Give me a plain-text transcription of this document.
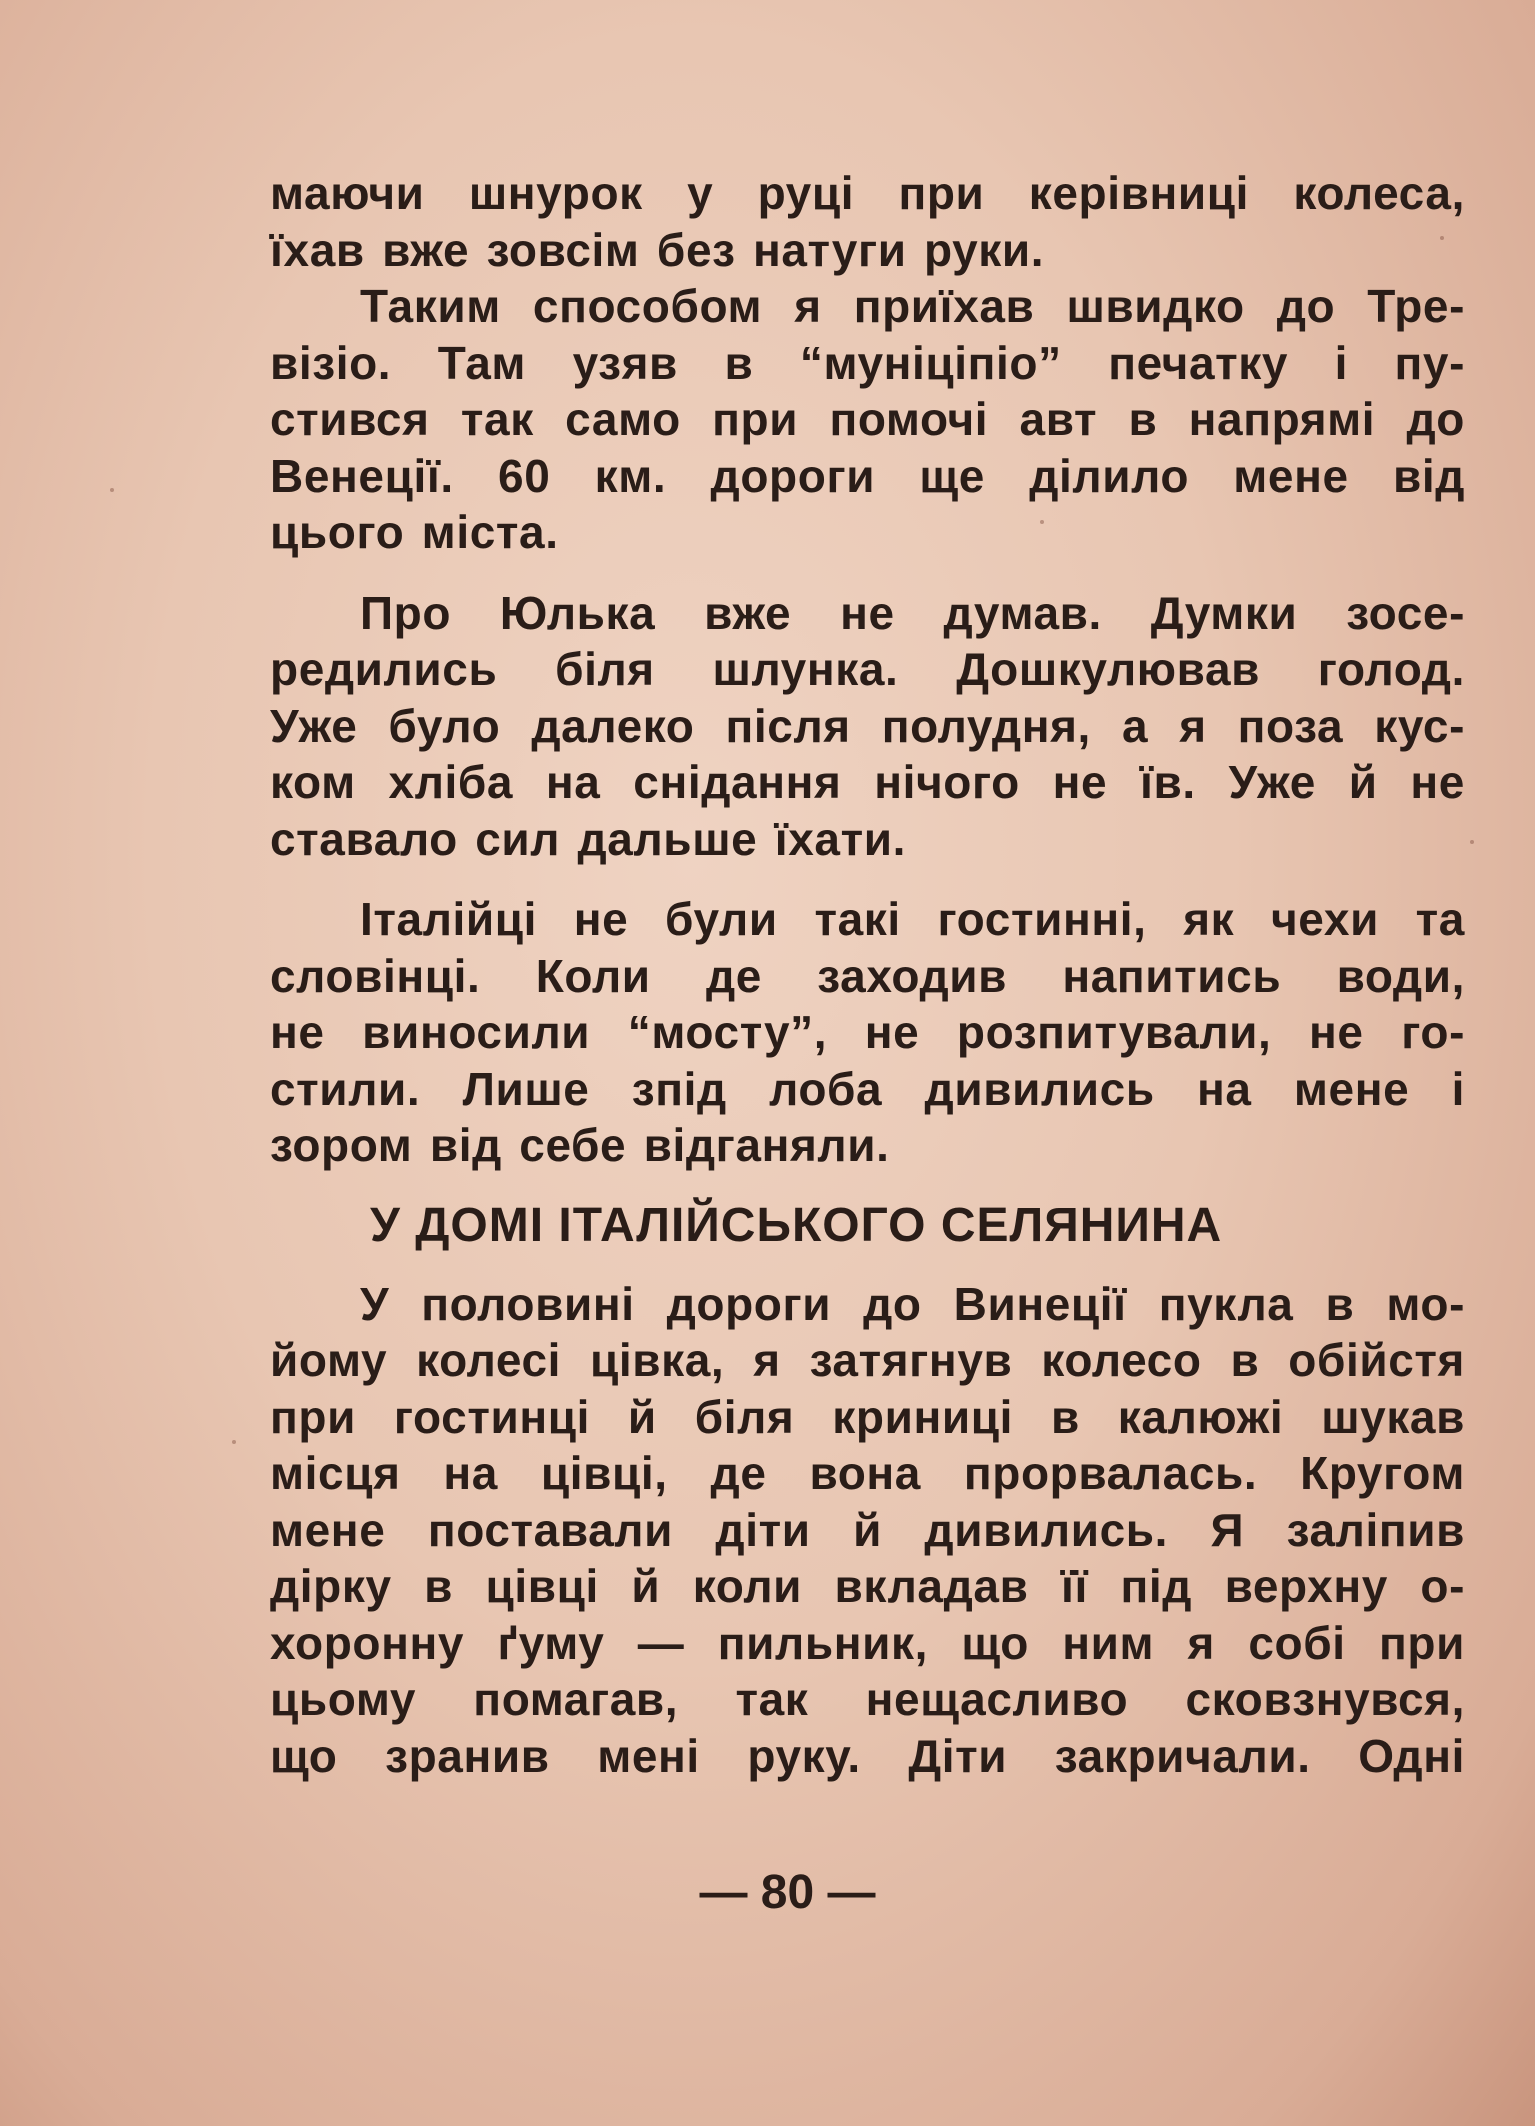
маючи шнурок у руці при керівниці колеса,
їхав вже зовсім без натуги руки.

Таким способом я приїхав швидко до Тре-
візіо. Там узяв в “муніціпіо” печатку і пу-
стився так само при помочі авт в напрямі до
Венеції. 60 км. дороги ще ділило мене від
цього міста.

Про Юлька вже не думав. Думки зосе-
редились біля шлунка. Дошкулював голод.
Уже було далеко після полудня, а я поза кус-
ком хліба на снідання нічого не їв. Уже й не
ставало сил дальше їхати.

Італійці не були такі гостинні, як чехи та
словінці. Коли де заходив напитись води,
не виносили “мосту”, не розпитували, не го-
стили. Лише зпід лоба дивились на мене і
зором від себе відганяли.

У ДОМІ ІТАЛІЙСЬКОГО СЕЛЯНИНА

У половині дороги до Винеції пукла в мо-
йому колесі цівка, я затягнув колесо в обійстя
при гостинці й біля криниці в калюжі шукав
місця на цівці, де вона прорвалась. Кругом
мене поставали діти й дивились. Я заліпив
дірку в цівці й коли вкладав її під верхну о-
хоронну ґуму — пильник, що ним я собі при
цьому помагав, так нещасливо сковзнувся,
що зранив мені руку. Діти закричали. Одні

— 80 —
